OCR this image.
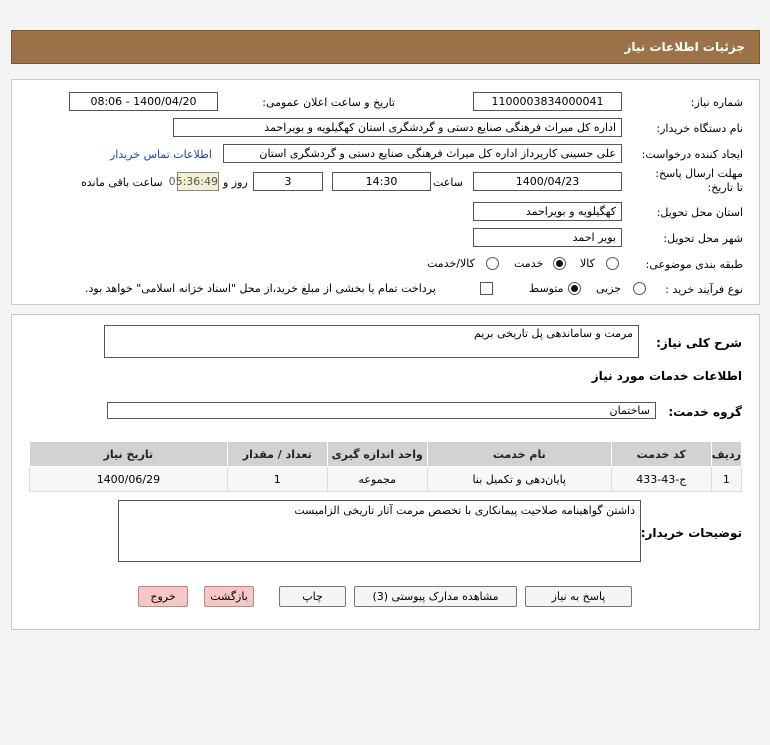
جزئیات اطلاعات نیاز
شماره نیاز:
1100003834000041
تاریخ و ساعت اعلان عمومی:
1400/04/20 - 08:06
نام دستگاه خریدار:
اداره کل میراث فرهنگی صنایع دستی و گردشگری استان کهگیلویه و بویراحمد
ایجاد کننده درخواست:
علی حسینی کارپرداز اداره کل میراث فرهنگی صنایع دستی و گردشگری استان
اطلاعات تماس خریدار
مهلت ارسال پاسخ: تا تاریخ:
1400/04/23
ساعت
14:30
3
روز و
05:36:49
ساعت باقی مانده
استان محل تحویل:
کهگیلویه و بویراحمد
شهر محل تحویل:
بویر احمد
طبقه بندی موضوعی:
کالا
خدمت
کالا/خدمت
نوع فرآیند خرید :
جزیی
متوسط
پرداخت تمام یا بخشی از مبلغ خرید،از محل "اسناد خزانه اسلامی" خواهد بود.
شرح کلی نیاز:
مرمت و ساماندهی پل تاریخی بریم
اطلاعات خدمات مورد نیاز
گروه خدمت:
ساختمان
ردیف	کد خدمت	نام خدمت	واحد اندازه گیری	تعداد / مقدار	تاریخ نیاز
1	ج-43-433	پایان‌دهی و تکمیل بنا	مجموعه	1	1400/06/29
توضیحات خریدار:
داشتن گواهینامه صلاحیت پیمانکاری با تخصص مرمت آثار تاریخی الزامیست
پاسخ به نیاز
مشاهده مدارک پیوستی (3)
چاپ
بازگشت
خروج
